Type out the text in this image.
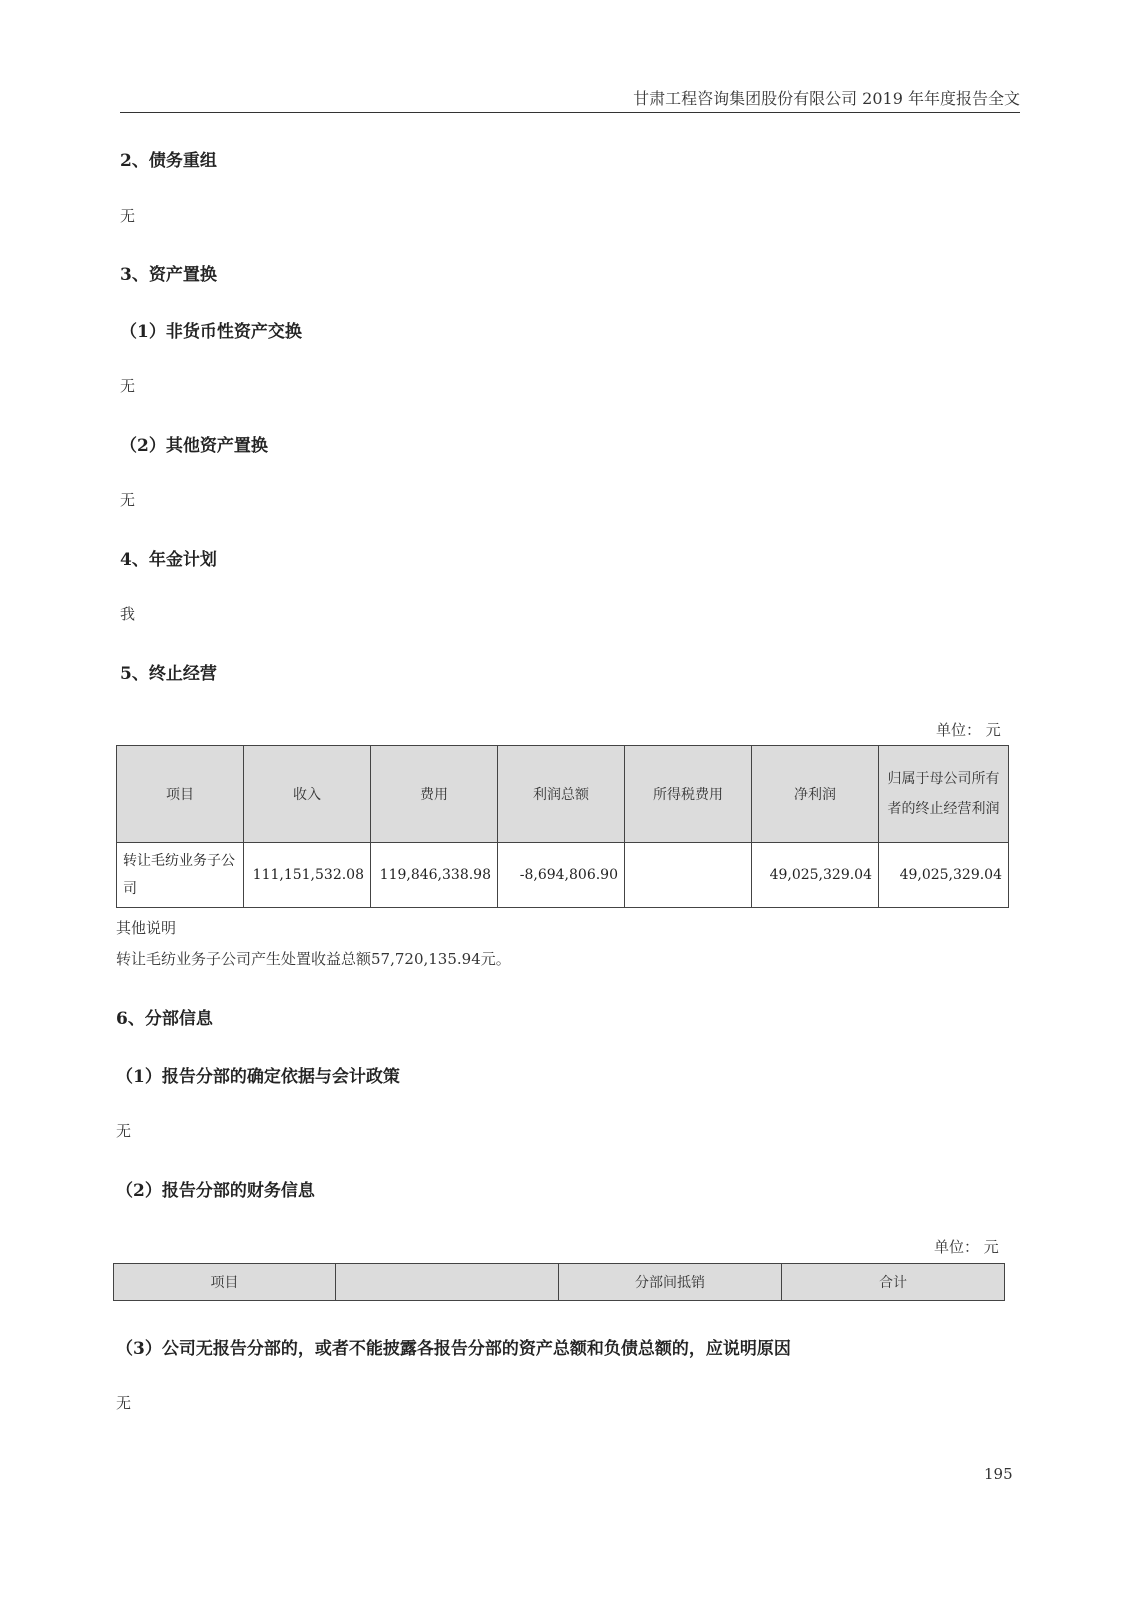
甘肃工程咨询集团股份有限公司 2019 年年度报告全文
2、债务重组
无
3、资产置换
（1）非货币性资产交换
无
（2）其他资产置换
无
4、年金计划
我
5、终止经营
单位： 元
项目	收入	费用	利润总额	所得税费用	净利润	归属于母公司所有者的终止经营利润
转让毛纺业务子公司	111,151,532.08	119,846,338.98	-8,694,806.90		49,025,329.04	49,025,329.04
其他说明
转让毛纺业务子公司产生处置收益总额57,720,135.94元。
6、分部信息
（1）报告分部的确定依据与会计政策
无
（2）报告分部的财务信息
单位： 元
项目		分部间抵销	合计
（3）公司无报告分部的，或者不能披露各报告分部的资产总额和负债总额的，应说明原因
无
195
